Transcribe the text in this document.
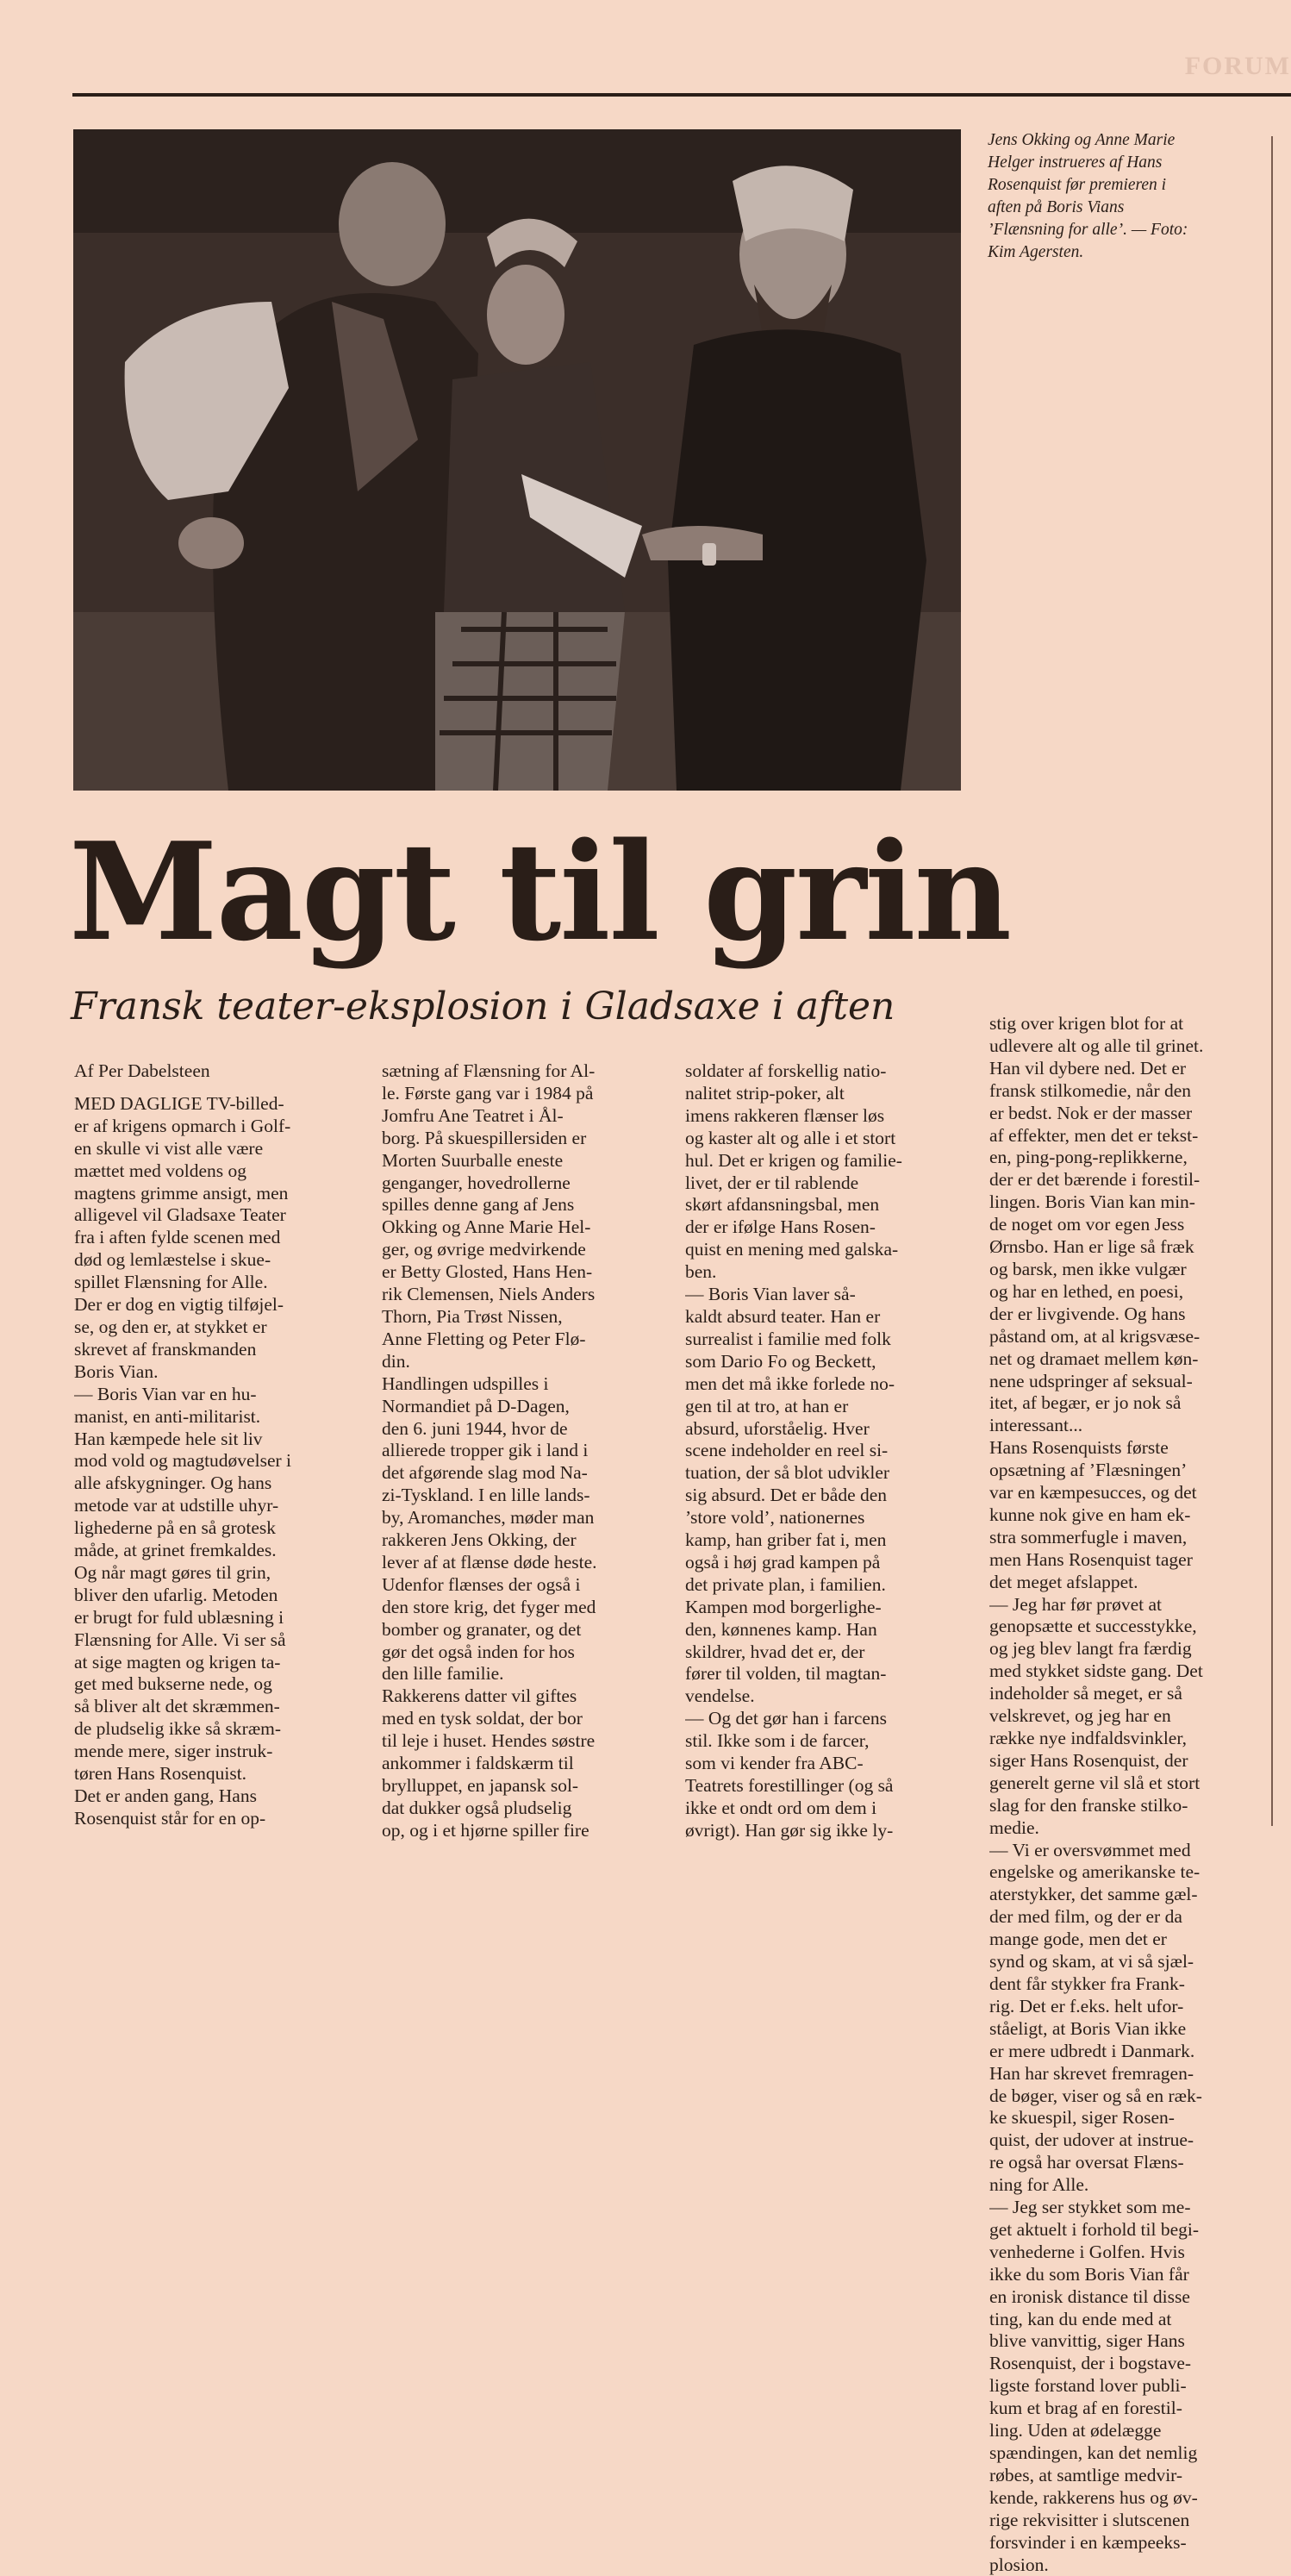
FORUM
Jens Okking og Anne Marie
Helger instrueres af Hans
Rosenquist før premieren i
aften på Boris Vians
’Flænsning for alle’. — Foto:
Kim Agersten.
Magt til grin
Fransk teater-eksplosion i Gladsaxe i aften
Af Per Dabelsteen
MED DAGLIGE TV-billed-
er af krigens opmarch i Golf-
en skulle vi vist alle være
mættet med voldens og
magtens grimme ansigt, men
alligevel vil Gladsaxe Teater
fra i aften fylde scenen med
død og lemlæstelse i skue-
spillet Flænsning for Alle.
Der er dog en vigtig tilføjel-
se, og den er, at stykket er
skrevet af franskmanden
Boris Vian.
— Boris Vian var en hu-
manist, en anti-militarist.
Han kæmpede hele sit liv
mod vold og magtudøvelser i
alle afskygninger. Og hans
metode var at udstille uhyr-
lighederne på en så grotesk
måde, at grinet fremkaldes.
Og når magt gøres til grin,
bliver den ufarlig. Metoden
er brugt for fuld ublæsning i
Flænsning for Alle. Vi ser så
at sige magten og krigen ta-
get med bukserne nede, og
så bliver alt det skræmmen-
de pludselig ikke så skræm-
mende mere, siger instruk-
tøren Hans Rosenquist.
Det er anden gang, Hans
Rosenquist står for en op-
sætning af Flænsning for Al-
le. Første gang var i 1984 på
Jomfru Ane Teatret i Ål-
borg. På skuespillersiden er
Morten Suurballe eneste
genganger, hovedrollerne
spilles denne gang af Jens
Okking og Anne Marie Hel-
ger, og øvrige medvirkende
er Betty Glosted, Hans Hen-
rik Clemensen, Niels Anders
Thorn, Pia Trøst Nissen,
Anne Fletting og Peter Flø-
din.
Handlingen udspilles i
Normandiet på D-Dagen,
den 6. juni 1944, hvor de
allierede tropper gik i land i
det afgørende slag mod Na-
zi-Tyskland. I en lille lands-
by, Aromanches, møder man
rakkeren Jens Okking, der
lever af at flænse døde heste.
Udenfor flænses der også i
den store krig, det fyger med
bomber og granater, og det
gør det også inden for hos
den lille familie.
Rakkerens datter vil giftes
med en tysk soldat, der bor
til leje i huset. Hendes søstre
ankommer i faldskærm til
brylluppet, en japansk sol-
dat dukker også pludselig
op, og i et hjørne spiller fire
soldater af forskellig natio-
nalitet strip-poker, alt
imens rakkeren flænser løs
og kaster alt og alle i et stort
hul. Det er krigen og familie-
livet, der er til rablende
skørt afdansningsbal, men
der er ifølge Hans Rosen-
quist en mening med galska-
ben.
— Boris Vian laver så-
kaldt absurd teater. Han er
surrealist i familie med folk
som Dario Fo og Beckett,
men det må ikke forlede no-
gen til at tro, at han er
absurd, uforståelig. Hver
scene indeholder en reel si-
tuation, der så blot udvikler
sig absurd. Det er både den
’store vold’, nationernes
kamp, han griber fat i, men
også i høj grad kampen på
det private plan, i familien.
Kampen mod borgerlighe-
den, kønnenes kamp. Han
skildrer, hvad det er, der
fører til volden, til magtan-
vendelse.
— Og det gør han i farcens
stil. Ikke som i de farcer,
som vi kender fra ABC-
Teatrets forestillinger (og så
ikke et ondt ord om dem i
øvrigt). Han gør sig ikke ly-
stig over krigen blot for at
udlevere alt og alle til grinet.
Han vil dybere ned. Det er
fransk stilkomedie, når den
er bedst. Nok er der masser
af effekter, men det er tekst-
en, ping-pong-replikkerne,
der er det bærende i forestil-
lingen. Boris Vian kan min-
de noget om vor egen Jess
Ørnsbo. Han er lige så fræk
og barsk, men ikke vulgær
og har en lethed, en poesi,
der er livgivende. Og hans
påstand om, at al krigsvæse-
net og dramaet mellem køn-
nene udspringer af seksual-
itet, af begær, er jo nok så
interessant...
Hans Rosenquists første
opsætning af ’Flæsningen’
var en kæmpesucces, og det
kunne nok give en ham ek-
stra sommerfugle i maven,
men Hans Rosenquist tager
det meget afslappet.
— Jeg har før prøvet at
genopsætte et successtykke,
og jeg blev langt fra færdig
med stykket sidste gang. Det
indeholder så meget, er så
velskrevet, og jeg har en
række nye indfaldsvinkler,
siger Hans Rosenquist, der
generelt gerne vil slå et stort
slag for den franske stilko-
medie.
— Vi er oversvømmet med
engelske og amerikanske te-
aterstykker, det samme gæl-
der med film, og der er da
mange gode, men det er
synd og skam, at vi så sjæl-
dent får stykker fra Frank-
rig. Det er f.eks. helt ufor-
ståeligt, at Boris Vian ikke
er mere udbredt i Danmark.
Han har skrevet fremragen-
de bøger, viser og så en ræk-
ke skuespil, siger Rosen-
quist, der udover at instrue-
re også har oversat Flæns-
ning for Alle.
— Jeg ser stykket som me-
get aktuelt i forhold til begi-
venhederne i Golfen. Hvis
ikke du som Boris Vian får
en ironisk distance til disse
ting, kan du ende med at
blive vanvittig, siger Hans
Rosenquist, der i bogstave-
ligste forstand lover publi-
kum et brag af en forestil-
ling. Uden at ødelægge
spændingen, kan det nemlig
røbes, at samtlige medvir-
kende, rakkerens hus og øv-
rige rekvisitter i slutscenen
forsvinder i en kæmpeeks-
plosion.
